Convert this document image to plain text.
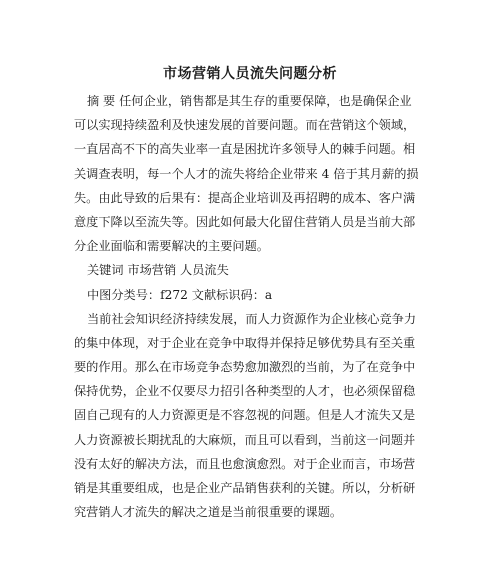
市场营销人员流失问题分析
摘 要 任何企业，销售都是其生存的重要保障，也是确保企业
可以实现持续盈利及快速发展的首要问题。而在营销这个领域，
一直居高不下的高失业率一直是困扰许多领导人的棘手问题。相
关调查表明，每一个人才的流失将给企业带来 4 倍于其月薪的损
失。由此导致的后果有：提高企业培训及再招聘的成本、客户满
意度下降以至流失等。因此如何最大化留住营销人员是当前大部
分企业面临和需要解决的主要问题。
关键词 市场营销 人员流失
中图分类号：f272 文献标识码：a
当前社会知识经济持续发展，而人力资源作为企业核心竞争力
的集中体现，对于企业在竞争中取得并保持足够优势具有至关重
要的作用。那么在市场竞争态势愈加激烈的当前，为了在竞争中
保持优势，企业不仅要尽力招引各种类型的人才，也必须保留稳
固自己现有的人力资源更是不容忽视的问题。但是人才流失又是
人力资源被长期扰乱的大麻烦，而且可以看到，当前这一问题并
没有太好的解决方法，而且也愈演愈烈。对于企业而言，市场营
销是其重要组成，也是企业产品销售获利的关键。所以，分析研
究营销人才流失的解决之道是当前很重要的课题。
